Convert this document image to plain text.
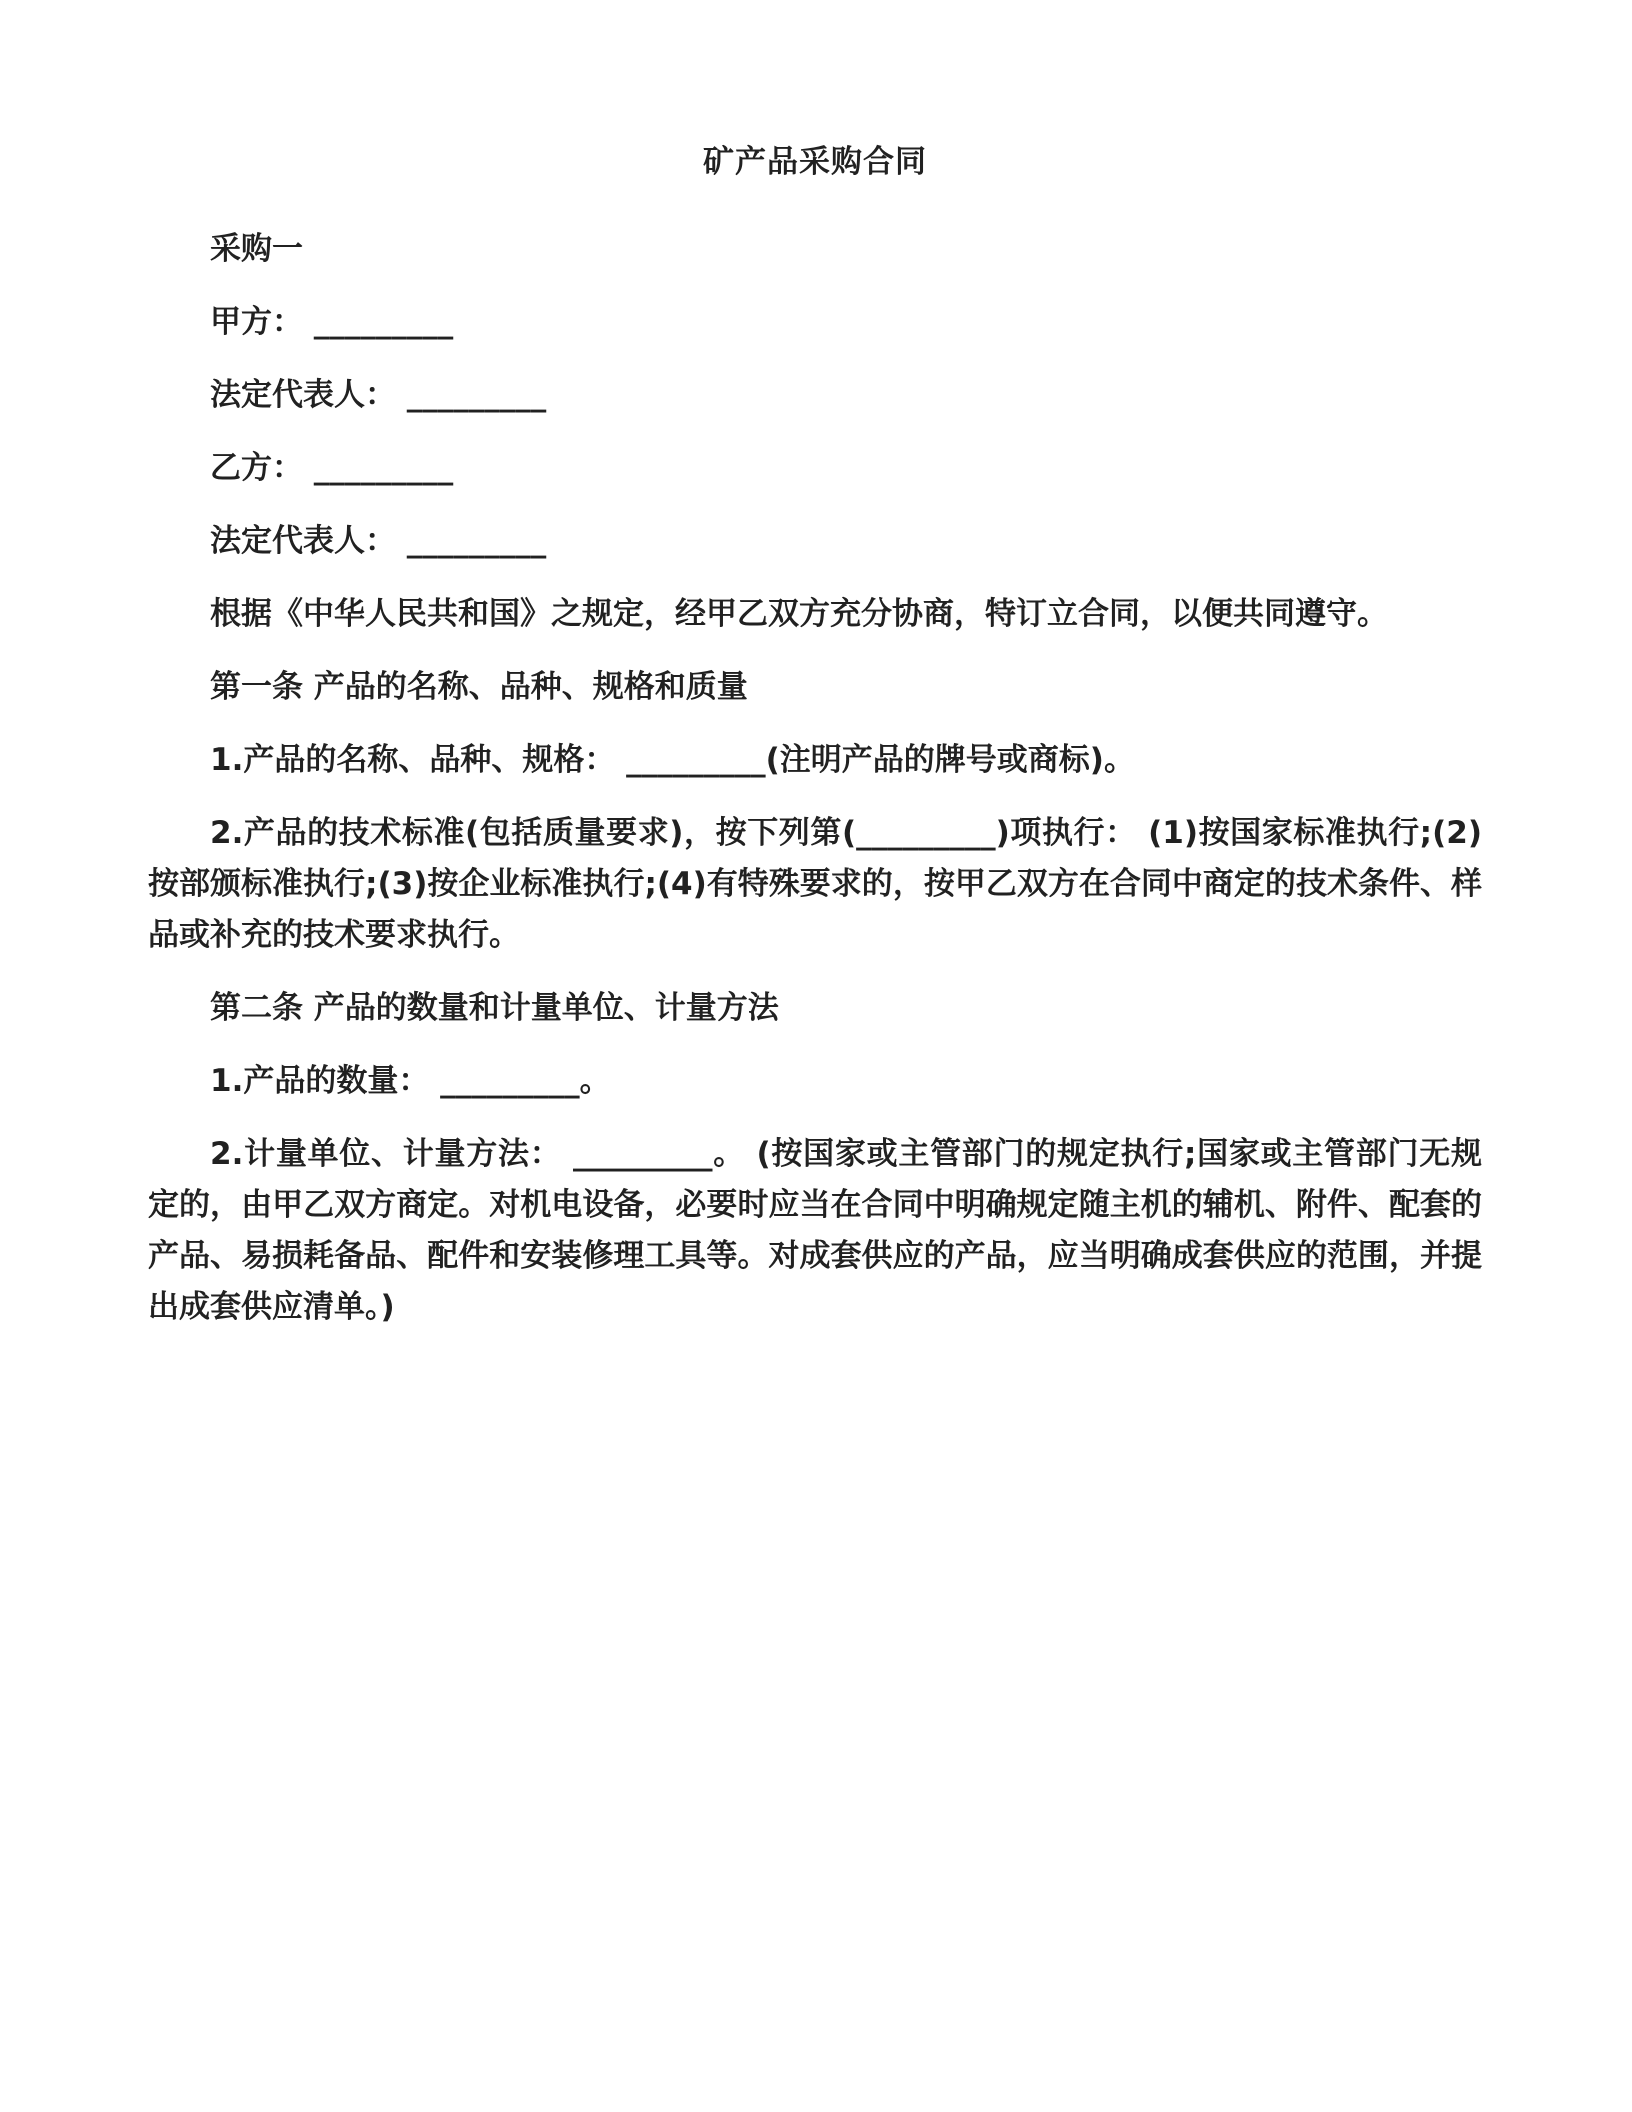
矿产品采购合同

采购一

甲方： _________

法定代表人： _________

乙方： _________

法定代表人： _________

根据《中华人民共和国》之规定，经甲乙双方充分协商，特订立合同，以便共同遵守。

第一条 产品的名称、品种、规格和质量

1.产品的名称、品种、规格： _________(注明产品的牌号或商标)。

2.产品的技术标准(包括质量要求)，按下列第(_________)项执行： (1)按国家标准执行;(2)按部颁标准执行;(3)按企业标准执行;(4)有特殊要求的，按甲乙双方在合同中商定的技术条件、样品或补充的技术要求执行。

第二条 产品的数量和计量单位、计量方法

1.产品的数量： _________。

2.计量单位、计量方法： _________。 (按国家或主管部门的规定执行;国家或主管部门无规定的，由甲乙双方商定。对机电设备，必要时应当在合同中明确规定随主机的辅机、附件、配套的产品、易损耗备品、配件和安装修理工具等。对成套供应的产品，应当明确成套供应的范围，并提出成套供应清单。)
